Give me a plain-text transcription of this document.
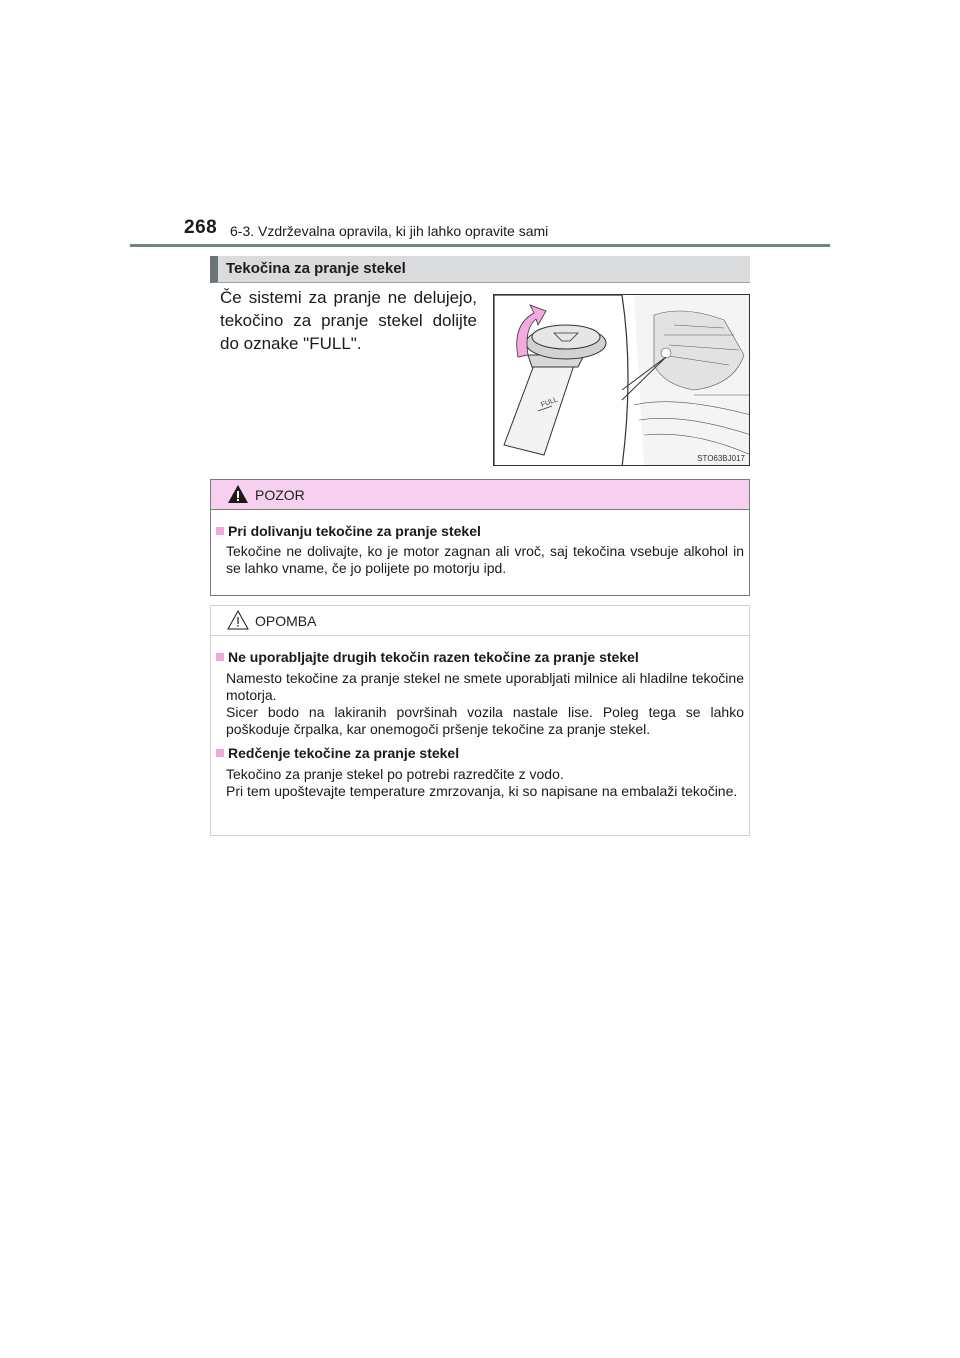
268 6-3. Vzdrževalna opravila, ki jih lahko opravite sami
Tekočina za pranje stekel
Če sistemi za pranje ne delujejo, tekočino za pranje stekel dolijte do oznake "FULL".
FULL
STO63BJ017
POZOR
Pri dolivanju tekočine za pranje stekel

Tekočine ne dolivajte, ko je motor zagnan ali vroč, saj tekočina vsebuje alkohol in se lahko vname, če jo polijete po motorju ipd.

OPOMBA
Ne uporabljajte drugih tekočin razen tekočine za pranje stekel

Namesto tekočine za pranje stekel ne smete uporabljati milnice ali hladilne tekočine motorja.

Sicer bodo na lakiranih površinah vozila nastale lise. Poleg tega se lahko poškoduje črpalka, kar onemogoči pršenje tekočine za pranje stekel.

Redčenje tekočine za pranje stekel

Tekočino za pranje stekel po potrebi razredčite z vodo.

Pri tem upoštevajte temperature zmrzovanja, ki so napisane na embalaži tekočine.
